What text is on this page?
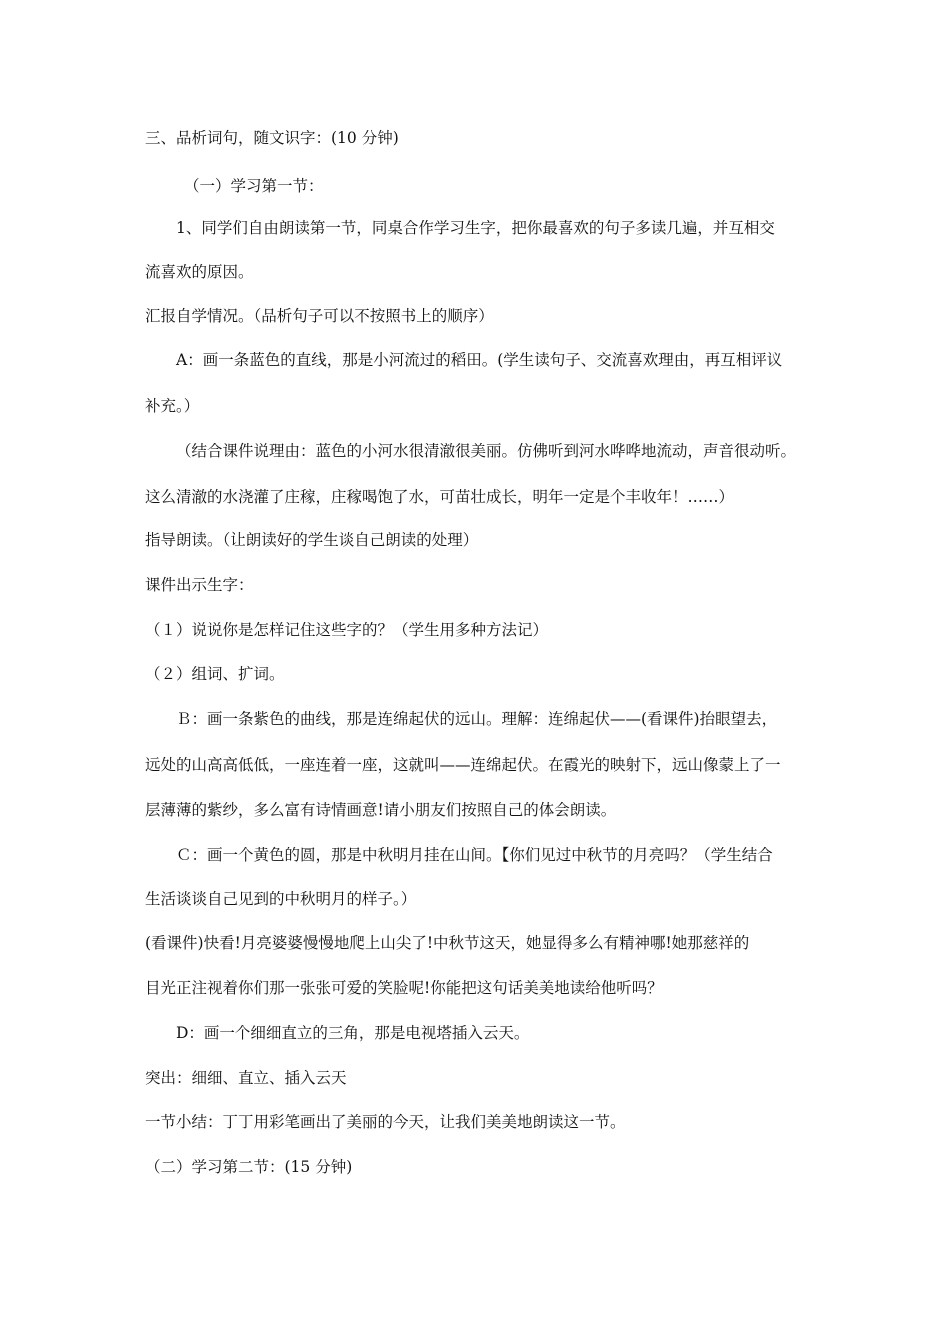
三、品析词句，随文识字：(10 分钟)
（一）学习第一节：
1、同学们自由朗读第一节，同桌合作学习生字，把你最喜欢的句子多读几遍，并互相交
流喜欢的原因。
汇报自学情况。（品析句子可以不按照书上的顺序）
A：画一条蓝色的直线，那是小河流过的稻田。(学生读句子、交流喜欢理由，再互相评议
补充。）
（结合课件说理由：蓝色的小河水很清澈很美丽。仿佛听到河水哗哗地流动，声音很动听。
这么清澈的水浇灌了庄稼，庄稼喝饱了水，可苗壮成长，明年一定是个丰收年！……）
指导朗读。（让朗读好的学生谈自己朗读的处理）
课件出示生字：
（１）说说你是怎样记住这些字的？（学生用多种方法记）
（２）组词、扩词。
Ｂ：画一条紫色的曲线，那是连绵起伏的远山。理解：连绵起伏——(看课件)抬眼望去，
远处的山高高低低，一座连着一座，这就叫——连绵起伏。在霞光的映射下，远山像蒙上了一
层薄薄的紫纱，多么富有诗情画意!请小朋友们按照自己的体会朗读。
Ｃ：画一个黄色的圆，那是中秋明月挂在山间。【你们见过中秋节的月亮吗？（学生结合
生活谈谈自己见到的中秋明月的样子。）
(看课件)快看!月亮婆婆慢慢地爬上山尖了!中秋节这天，她显得多么有精神哪!她那慈祥的
目光正注视着你们那一张张可爱的笑脸呢!你能把这句话美美地读给他听吗？
D：画一个细细直立的三角，那是电视塔插入云天。
突出：细细、直立、插入云天
一节小结：丁丁用彩笔画出了美丽的今天，让我们美美地朗读这一节。
（二）学习第二节：(15 分钟)
